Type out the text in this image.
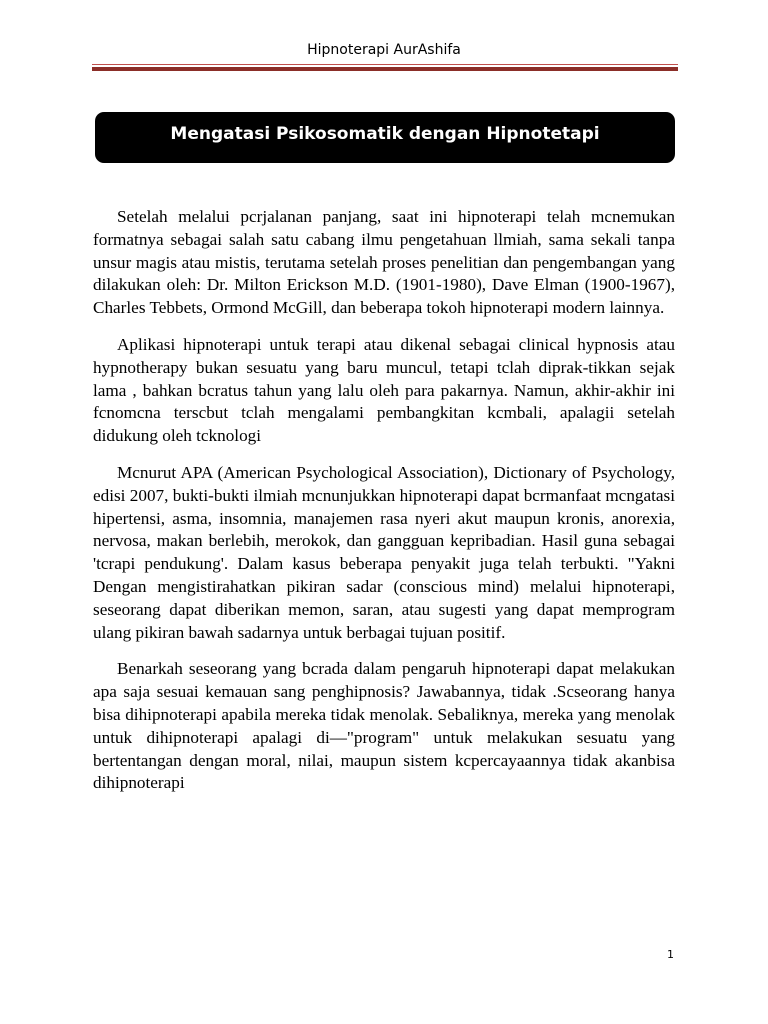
Hipnoterapi AurAshifa
Mengatasi Psikosomatik dengan Hipnotetapi

Setelah melalui pcrjalanan panjang, saat ini hipnoterapi telah mcnemukan formatnya sebagai salah satu cabang ilmu pengetahuan llmiah, sama sekali tanpa unsur magis atau mistis, terutama setelah proses penelitian dan pengembangan yang dilakukan oleh: Dr. Milton Erickson M.D. (1901-1980), Dave Elman (1900-1967), Charles Tebbets, Ormond McGill, dan beberapa tokoh hipnoterapi modern lainnya.

Aplikasi hipnoterapi untuk terapi atau dikenal sebagai clinical hypnosis atau hypnotherapy bukan sesuatu yang baru muncul, tetapi tclah diprak-tikkan sejak lama , bahkan bcratus tahun yang lalu oleh para pakarnya. Namun, akhir-akhir ini fcnomcna terscbut tclah mengalami pembangkitan kcmbali, apalagii setelah didukung oleh tcknologi

Mcnurut APA (American Psychological Association), Dictionary of Psychology, edisi 2007, bukti-bukti ilmiah mcnunjukkan hipnoterapi dapat bcrmanfaat mcngatasi hipertensi, asma, insomnia, manajemen rasa nyeri akut maupun kronis, anorexia, nervosa, makan berlebih, merokok, dan gangguan kepribadian. Hasil guna sebagai 'tcrapi pendukung'. Dalam kasus beberapa penyakit juga telah terbukti. "Yakni Dengan mengistirahatkan pikiran sadar (conscious mind) melalui hipnoterapi, seseorang dapat diberikan memon, saran, atau sugesti yang dapat memprogram ulang pikiran bawah sadarnya untuk berbagai tujuan positif.

Benarkah seseorang yang bcrada dalam pengaruh hipnoterapi dapat melakukan apa saja sesuai kemauan sang penghipnosis? Jawabannya, tidak .Scseorang hanya bisa dihipnoterapi apabila mereka tidak menolak. Sebaliknya, mereka yang menolak untuk dihipnoterapi apalagi di—"program" untuk melakukan sesuatu yang bertentangan dengan moral, nilai, maupun sistem kcpercayaannya tidak akanbisa dihipnoterapi

1
